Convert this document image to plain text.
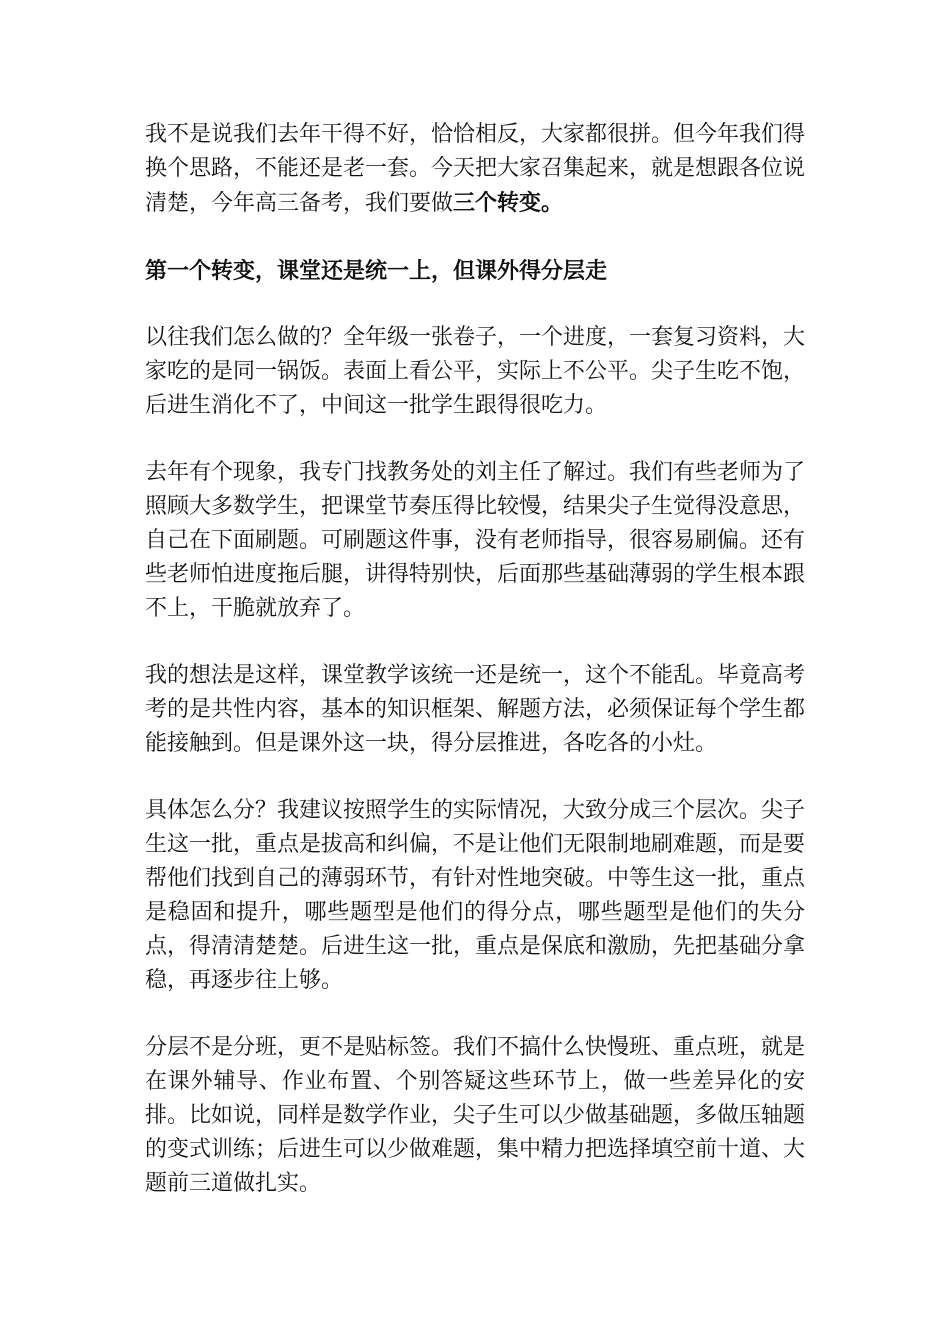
我不是说我们去年干得不好，恰恰相反，大家都很拼。但今年我们得换个思路，不能还是老一套。今天把大家召集起来，就是想跟各位说清楚，今年高三备考，我们要做三个转变。

第一个转变，课堂还是统一上，但课外得分层走

以往我们怎么做的？全年级一张卷子，一个进度，一套复习资料，大家吃的是同一锅饭。表面上看公平，实际上不公平。尖子生吃不饱，后进生消化不了，中间这一批学生跟得很吃力。

去年有个现象，我专门找教务处的刘主任了解过。我们有些老师为了照顾大多数学生，把课堂节奏压得比较慢，结果尖子生觉得没意思，自己在下面刷题。可刷题这件事，没有老师指导，很容易刷偏。还有些老师怕进度拖后腿，讲得特别快，后面那些基础薄弱的学生根本跟不上，干脆就放弃了。

我的想法是这样，课堂教学该统一还是统一，这个不能乱。毕竟高考考的是共性内容，基本的知识框架、解题方法，必须保证每个学生都能接触到。但是课外这一块，得分层推进，各吃各的小灶。

具体怎么分？我建议按照学生的实际情况，大致分成三个层次。尖子生这一批，重点是拔高和纠偏，不是让他们无限制地刷难题，而是要帮他们找到自己的薄弱环节，有针对性地突破。中等生这一批，重点是稳固和提升，哪些题型是他们的得分点，哪些题型是他们的失分点，得清清楚楚。后进生这一批，重点是保底和激励，先把基础分拿稳，再逐步往上够。

分层不是分班，更不是贴标签。我们不搞什么快慢班、重点班，就是在课外辅导、作业布置、个别答疑这些环节上，做一些差异化的安排。比如说，同样是数学作业，尖子生可以少做基础题，多做压轴题的变式训练；后进生可以少做难题，集中精力把选择填空前十道、大题前三道做扎实。
